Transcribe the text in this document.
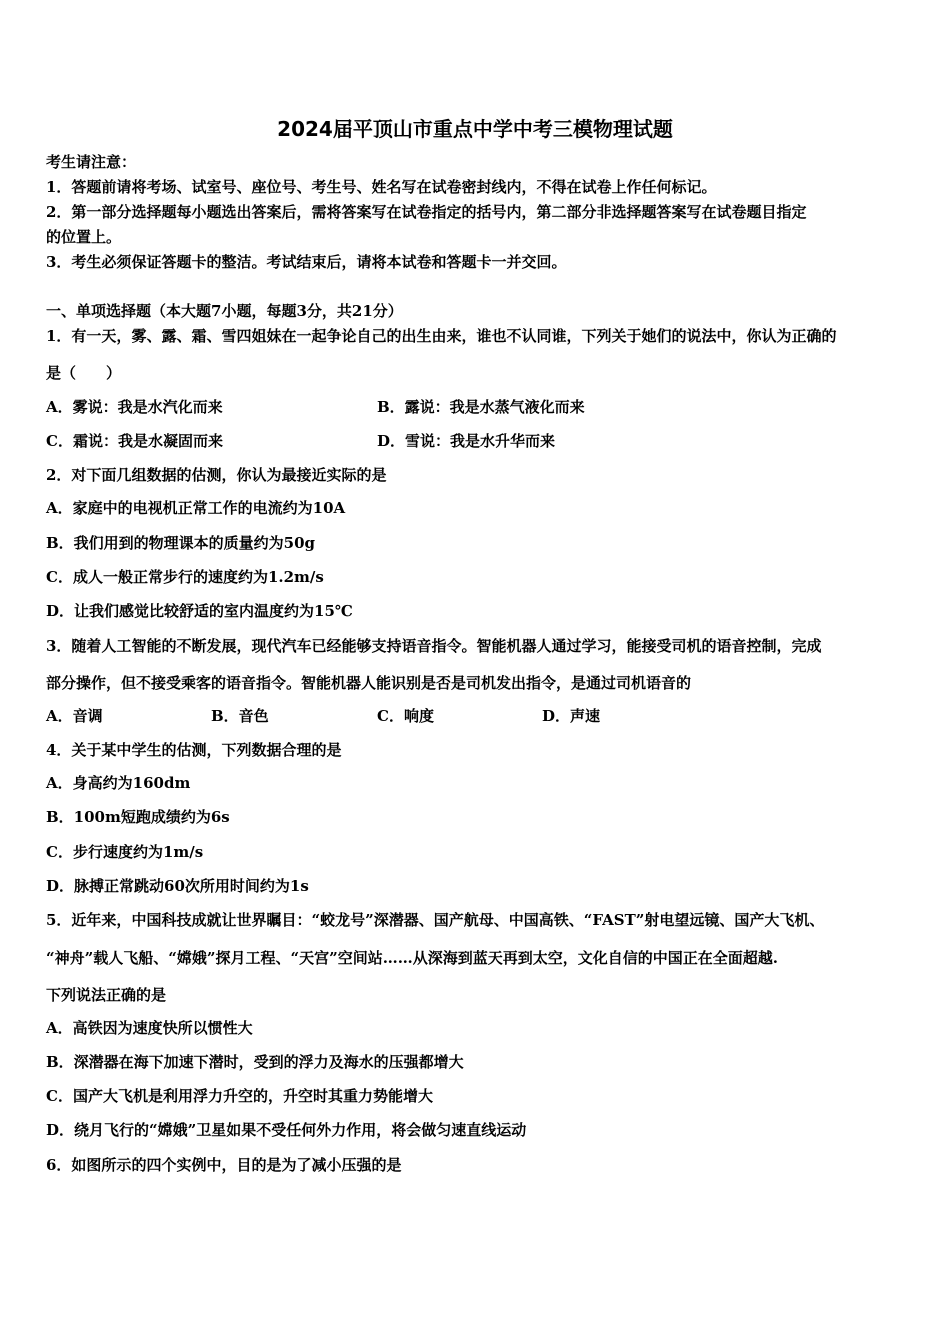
2024届平顶山市重点中学中考三模物理试题
考生请注意：
1．答题前请将考场、试室号、座位号、考生号、姓名写在试卷密封线内，不得在试卷上作任何标记。
2．第一部分选择题每小题选出答案后，需将答案写在试卷指定的括号内，第二部分非选择题答案写在试卷题目指定
的位置上。
3．考生必须保证答题卡的整洁。考试结束后，请将本试卷和答题卡一并交回。
一、单项选择题（本大题7小题，每题3分，共21分）
1．有一天，雾、露、霜、雪四姐妹在一起争论自己的出生由来，谁也不认同谁，下列关于她们的说法中，你认为正确的
是（　　）
A．雾说：我是水汽化而来	B．露说：我是水蒸气液化而来
C．霜说：我是水凝固而来	D．雪说：我是水升华而来
2．对下面几组数据的估测，你认为最接近实际的是
A．家庭中的电视机正常工作的电流约为10A
B．我们用到的物理课本的质量约为50g
C．成人一般正常步行的速度约为1.2m/s
D．让我们感觉比较舒适的室内温度约为15℃
3．随着人工智能的不断发展，现代汽车已经能够支持语音指令。智能机器人通过学习，能接受司机的语音控制，完成
部分操作，但不接受乘客的语音指令。智能机器人能识别是否是司机发出指令，是通过司机语音的
A．音调	B．音色	C．响度	D．声速
4．关于某中学生的估测，下列数据合理的是
A．身高约为160dm
B．100m短跑成绩约为6s
C．步行速度约为1m/s
D．脉搏正常跳动60次所用时间约为1s
5．近年来，中国科技成就让世界瞩目：“蛟龙号”深潜器、国产航母、中国高铁、“FAST”射电望远镜、国产大飞机、
“神舟”载人飞船、“嫦娥”探月工程、“天宫”空间站……从深海到蓝天再到太空，文化自信的中国正在全面超越.
下列说法正确的是
A．高铁因为速度快所以惯性大
B．深潜器在海下加速下潜时，受到的浮力及海水的压强都增大
C．国产大飞机是利用浮力升空的，升空时其重力势能增大
D．绕月飞行的“嫦娥”卫星如果不受任何外力作用，将会做匀速直线运动
6．如图所示的四个实例中，目的是为了减小压强的是
